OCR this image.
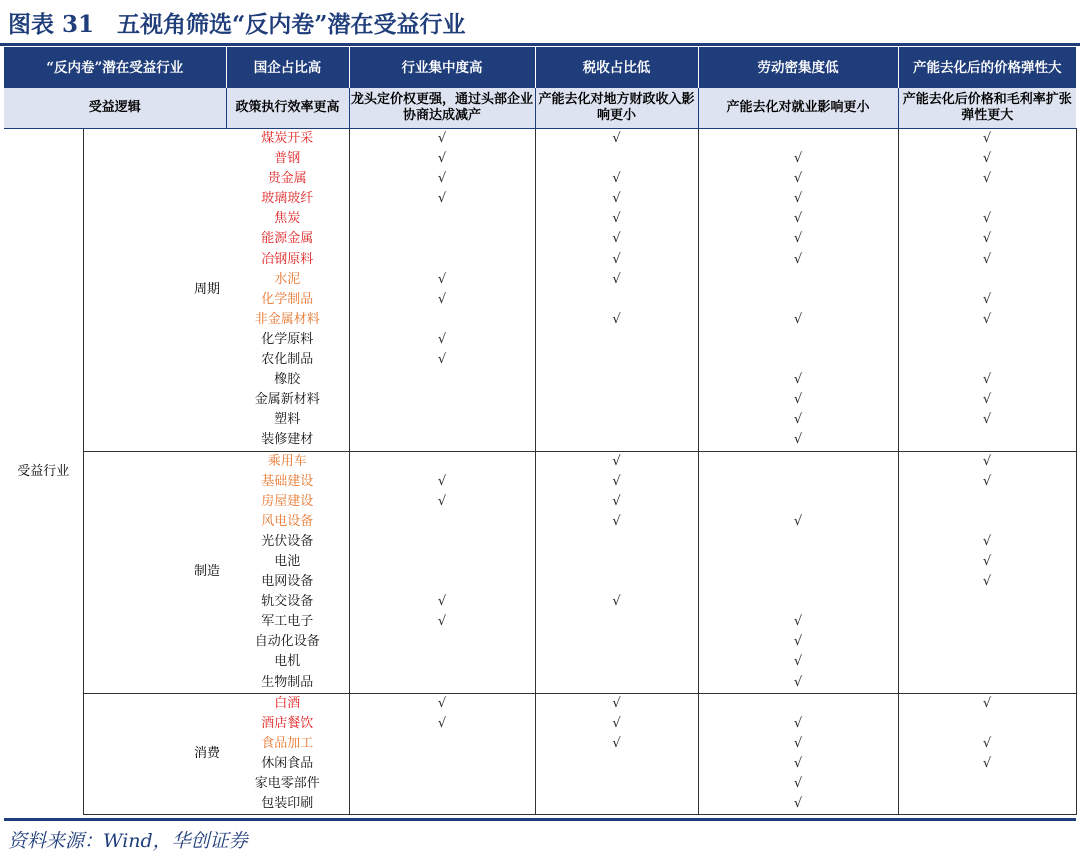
图表 31　五视角筛选“反内卷”潜在受益行业
“反内卷”潜在受益行业		国企占比高	行业集中度高	税收占比低	劳动密集度低	产能去化后的价格弹性大	
受益逻辑		政策执行效率更高	龙头定价权更强，通过头部企业协商达成减产	产能去化对地方财政收入影响更小	产能去化对就业影响更小	产能去化后价格和毛利率扩张弹性更大	
受益行业	周期	煤炭开采	√	√		√	
		普钢	√		√	√	
		贵金属	√	√	√	√	
		玻璃玻纤	√	√	√		
		焦炭		√	√	√	
		能源金属		√	√	√	
		冶钢原料		√	√	√	
		水泥	√	√			
		化学制品	√			√	
		非金属材料		√	√	√	
		化学原料	√				
		农化制品	√				
		橡胶			√	√	
		金属新材料			√	√	
		塑料			√	√	
		装修建材			√		
	制造	乘用车		√		√	
		基础建设	√	√		√	
		房屋建设	√	√			
		风电设备		√	√		
		光伏设备				√	
		电池				√	
		电网设备				√	
		轨交设备	√	√			
		军工电子	√		√		
		自动化设备			√		
		电机			√		
		生物制品			√		
	消费	白酒	√	√		√	
		酒店餐饮	√	√	√		
		食品加工		√	√	√	
		休闲食品			√	√	
		家电零部件			√		
		包装印刷			√		
资料来源：Wind，华创证券
